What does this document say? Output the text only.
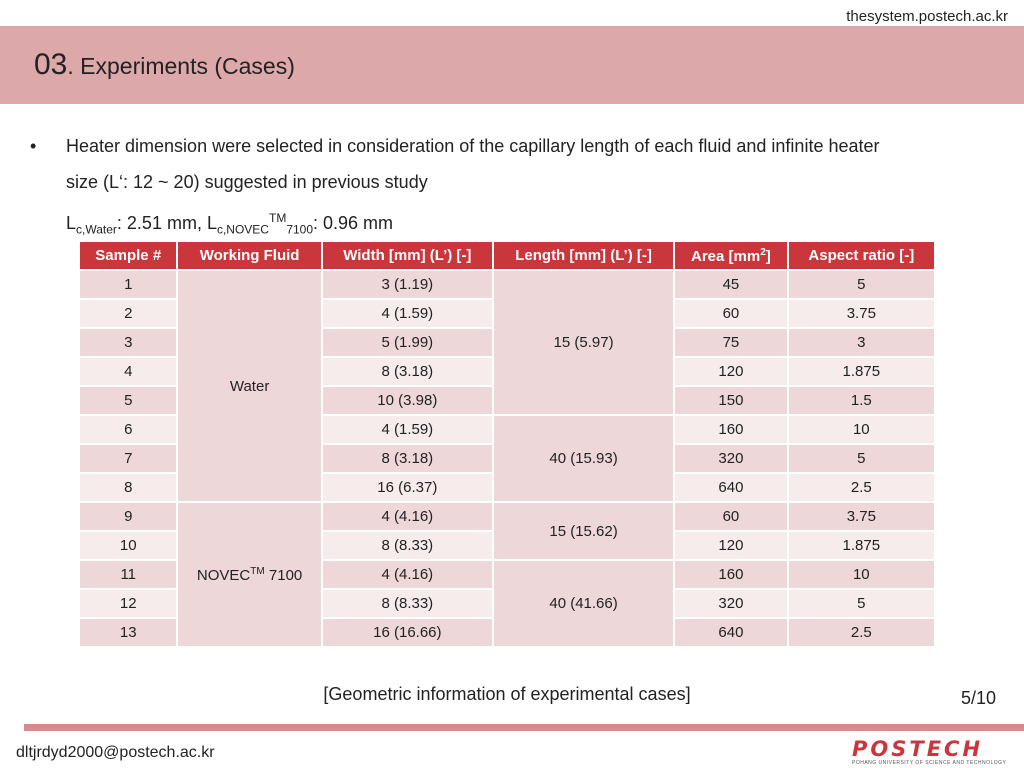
thesystem.postech.ac.kr
03. Experiments (Cases)
• Heater dimension were selected in consideration of the capillary length of each fluid and infinite heater
size (L‘: 12 ~ 20) suggested in previous study
$L_{c,Water}$: 2.51 mm, $L_{c,NOVEC}™_{7100}$: 0.96 mm
Sample #	Working Fluid	Width [mm] (L’) [-]	Length [mm] (L’) [-]	Area $[mm^2]$	Aspect ratio [-]
1	Water	3 (1.19)	15 (5.97)	45	5
2		4 (1.59)		60	3.75
3		5 (1.99)		75	3
4		8 (3.18)		120	1.875
5		10 (3.98)		150	1.5
6		4 (1.59)	40 (15.93)	160	10
7		8 (3.18)		320	5
8		16 (6.37)		640	2.5
9	NOVEC™ 7100	4 (4.16)	15 (15.62)	60	3.75
10		8 (8.33)		120	1.875
11		4 (4.16)	40 (41.66)	160	10
12		8 (8.33)		320	5
13		16 (16.66)		640	2.5
[Geometric information of experimental cases]	5/10
dltjrdyd2000@postech.ac.kr	POSTECH
POHANG UNIVERSITY OF SCIENCE AND TECHNOLOGY
